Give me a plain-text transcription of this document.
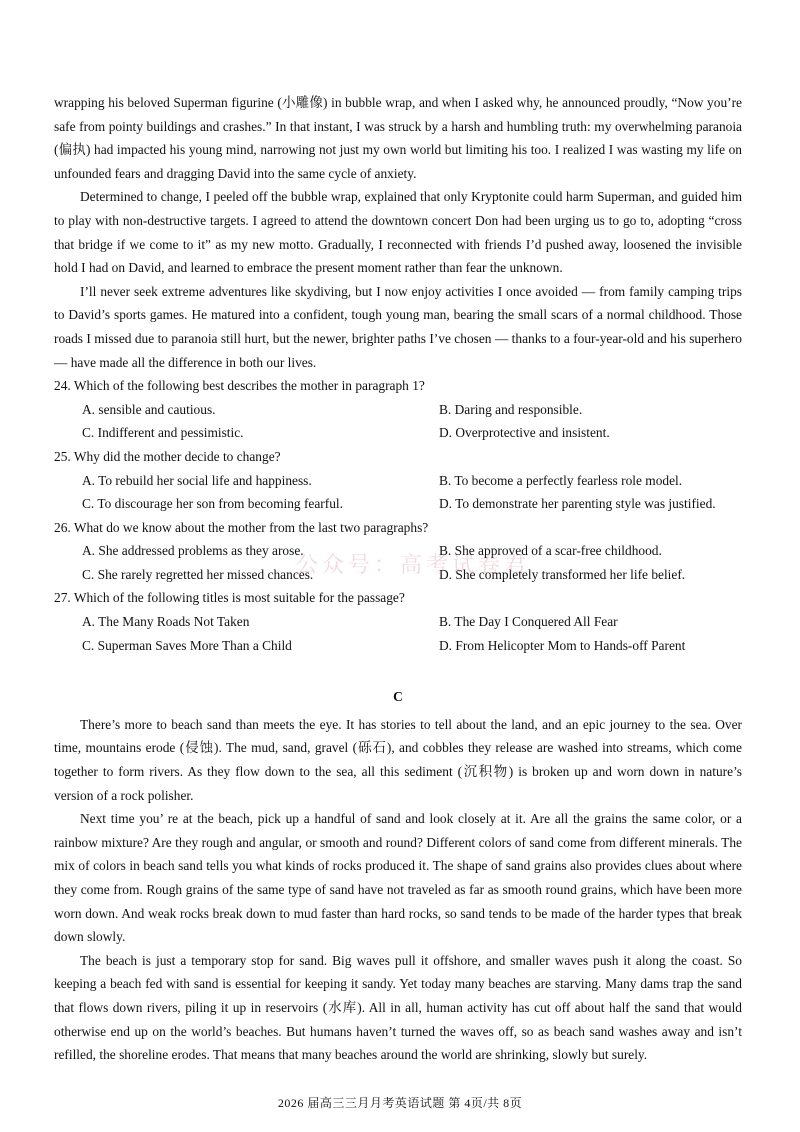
wrapping his beloved Superman figurine (小雕像) in bubble wrap, and when I asked why, he announced proudly, “Now you’re safe from pointy buildings and crashes.” In that instant, I was struck by a harsh and humbling truth: my overwhelming paranoia (偏执) had impacted his young mind, narrowing not just my own world but limiting his too. I realized I was wasting my life on unfounded fears and dragging David into the same cycle of anxiety.

Determined to change, I peeled off the bubble wrap, explained that only Kryptonite could harm Superman, and guided him to play with non-destructive targets. I agreed to attend the downtown concert Don had been urging us to go to, adopting “cross that bridge if we come to it” as my new motto. Gradually, I reconnected with friends I’d pushed away, loosened the invisible hold I had on David, and learned to embrace the present moment rather than fear the unknown.

I’ll never seek extreme adventures like skydiving, but I now enjoy activities I once avoided — from family camping trips to David’s sports games. He matured into a confident, tough young man, bearing the small scars of a normal childhood. Those roads I missed due to paranoia still hurt, but the newer, brighter paths I’ve chosen — thanks to a four-year-old and his superhero — have made all the difference in both our lives.

24. Which of the following best describes the mother in paragraph 1?

A. sensible and cautious.	B. Daring and responsible.

C. Indifferent and pessimistic.	D. Overprotective and insistent.

25. Why did the mother decide to change?

A. To rebuild her social life and happiness.	B. To become a perfectly fearless role model.

C. To discourage her son from becoming fearful.	D. To demonstrate her parenting style was justified.

26. What do we know about the mother from the last two paragraphs?

A. She addressed problems as they arose.	B. She approved of a scar-free childhood.

C. She rarely regretted her missed chances.	D. She completely transformed her life belief.

27. Which of the following titles is most suitable for the passage?

A. The Many Roads Not Taken	B. The Day I Conquered All Fear

C. Superman Saves More Than a Child	D. From Helicopter Mom to Hands-off Parent

C

There’s more to beach sand than meets the eye. It has stories to tell about the land, and an epic journey to the sea. Over time, mountains erode (侵蚀). The mud, sand, gravel (砾石), and cobbles they release are washed into streams, which come together to form rivers. As they flow down to the sea, all this sediment (沉积物) is broken up and worn down in nature’s version of a rock polisher.

Next time you’ re at the beach, pick up a handful of sand and look closely at it. Are all the grains the same color, or a rainbow mixture? Are they rough and angular, or smooth and round? Different colors of sand come from different minerals. The mix of colors in beach sand tells you what kinds of rocks produced it. The shape of sand grains also provides clues about where they come from. Rough grains of the same type of sand have not traveled as far as smooth round grains, which have been more worn down. And weak rocks break down to mud faster than hard rocks, so sand tends to be made of the harder types that break down slowly.

The beach is just a temporary stop for sand. Big waves pull it offshore, and smaller waves push it along the coast. So keeping a beach fed with sand is essential for keeping it sandy. Yet today many beaches are starving. Many dams trap the sand that flows down rivers, piling it up in reservoirs (水库). All in all, human activity has cut off about half the sand that would otherwise end up on the world’s beaches. But humans haven’t turned the waves off, so as beach sand washes away and isn’t refilled, the shoreline erodes. That means that many beaches around the world are shrinking, slowly but surely.

公众号：高考试卷君
2026 届高三三月月考英语试题 第 4页/共 8页
